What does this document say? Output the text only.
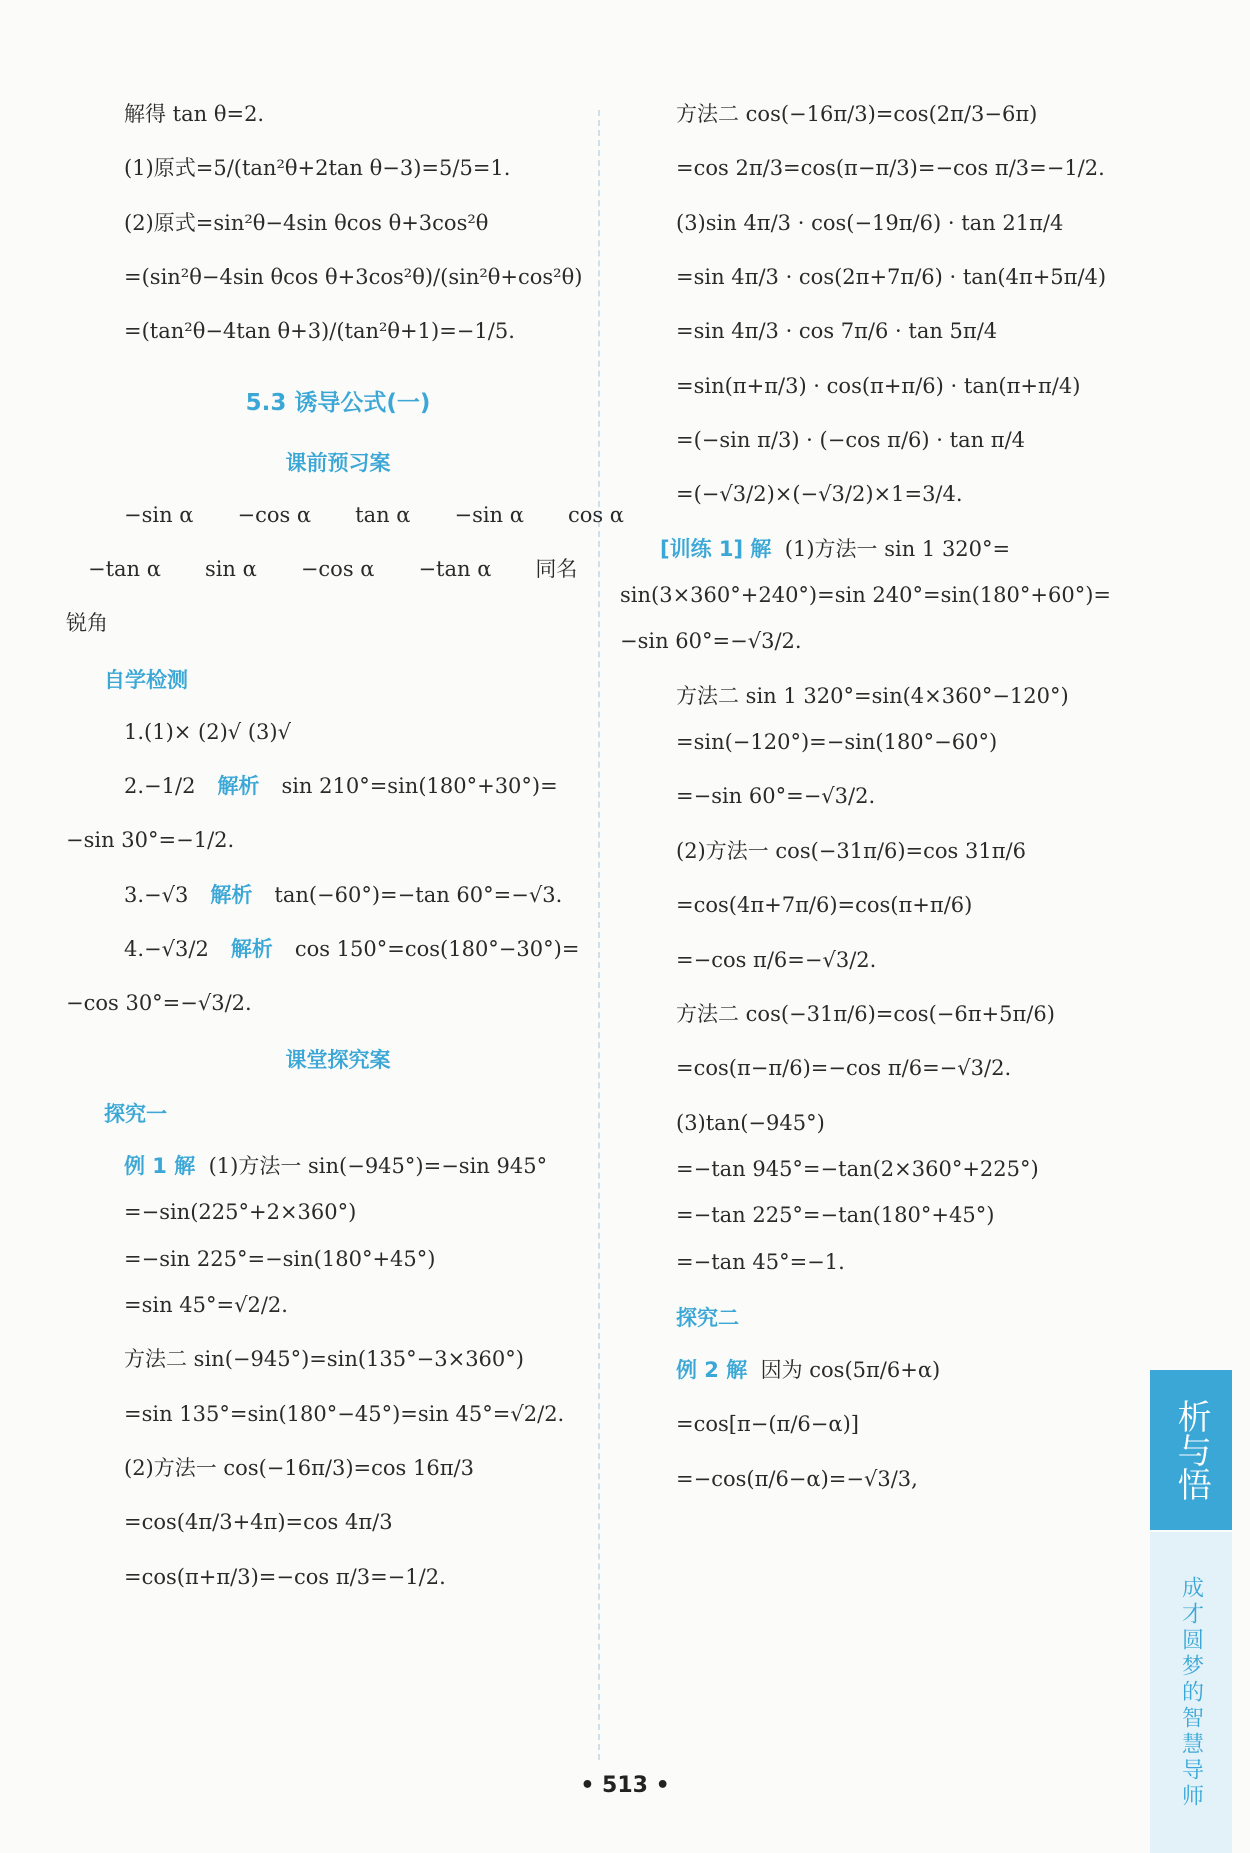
解得 tan θ=2.

(1)原式=5/(tan²θ+2tan θ−3)=5/5=1.

(2)原式=sin²θ−4sin θcos θ+3cos²θ

=(sin²θ−4sin θcos θ+3cos²θ)/(sin²θ+cos²θ)

=(tan²θ−4tan θ+3)/(tan²θ+1)=−1/5.

5.3 诱导公式(一)
课前预习案

−sin α −cos α tan α −sin α cos α

−tan α sin α −cos α −tan α 同名

锐角

自学检测

1.(1)× (2)√ (3)√

2.−1/2 解析 sin 210°=sin(180°+30°)=

−sin 30°=−1/2.

3.−√3 解析 tan(−60°)=−tan 60°=−√3.

4.−√3/2 解析 cos 150°=cos(180°−30°)=

−cos 30°=−√3/2.

课堂探究案
探究一

例 1 解 (1)方法一 sin(−945°)=−sin 945°

=−sin(225°+2×360°)

=−sin 225°=−sin(180°+45°)

=sin 45°=√2/2.

方法二 sin(−945°)=sin(135°−3×360°)

=sin 135°=sin(180°−45°)=sin 45°=√2/2.

(2)方法一 cos(−16π/3)=cos 16π/3

=cos(4π/3+4π)=cos 4π/3

=cos(π+π/3)=−cos π/3=−1/2.

方法二 cos(−16π/3)=cos(2π/3−6π)

=cos 2π/3=cos(π−π/3)=−cos π/3=−1/2.

(3)sin 4π/3 · cos(−19π/6) · tan 21π/4

=sin 4π/3 · cos(2π+7π/6) · tan(4π+5π/4)

=sin 4π/3 · cos 7π/6 · tan 5π/4

=sin(π+π/3) · cos(π+π/6) · tan(π+π/4)

=(−sin π/3) · (−cos π/6) · tan π/4

=(−√3/2)×(−√3/2)×1=3/4.

[训练 1] 解 (1)方法一 sin 1 320°=

sin(3×360°+240°)=sin 240°=sin(180°+60°)=

−sin 60°=−√3/2.

方法二 sin 1 320°=sin(4×360°−120°)

=sin(−120°)=−sin(180°−60°)

=−sin 60°=−√3/2.

(2)方法一 cos(−31π/6)=cos 31π/6

=cos(4π+7π/6)=cos(π+π/6)

=−cos π/6=−√3/2.

方法二 cos(−31π/6)=cos(−6π+5π/6)

=cos(π−π/6)=−cos π/6=−√3/2.

(3)tan(−945°)

=−tan 945°=−tan(2×360°+225°)

=−tan 225°=−tan(180°+45°)

=−tan 45°=−1.

探究二

例 2 解 因为 cos(5π/6+α)

=cos[π−(π/6−α)]

=−cos(π/6−α)=−√3/3,	析与悟
成才圆梦的智慧导师
• 513 •
